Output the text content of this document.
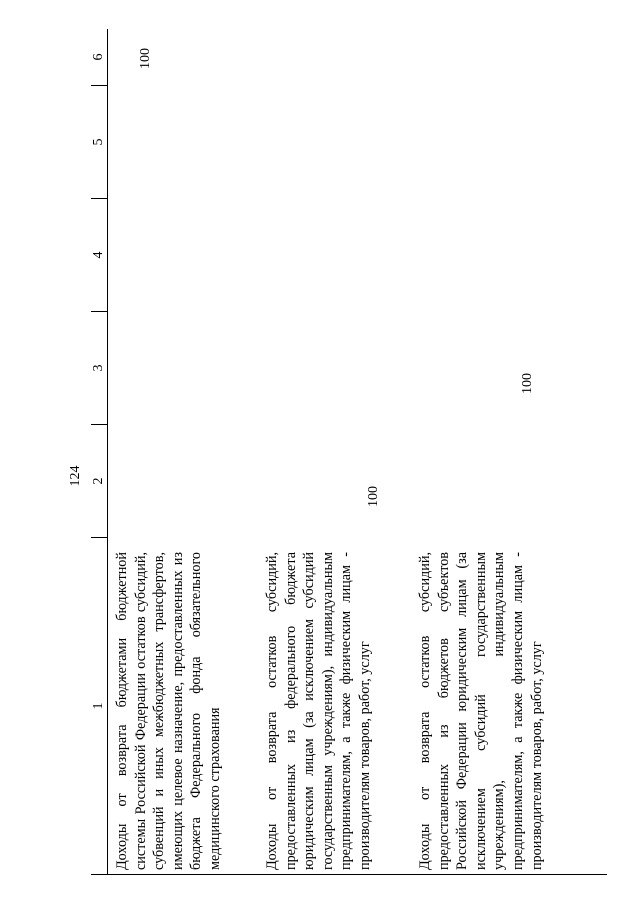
124
1
2
3
4
5
6
Доходы от возврата бюджетами бюджетной системы Российской Федерации остатков субсидий, субвенций и иных межбюджетных трансфертов, имеющих целевое назначение, предоставленных из бюджета Федерального фонда обязательного медицинского страхования
100
Доходы от возврата остатков субсидий, предоставленных из федерального бюджета юридическим лицам (за исключением субсидий государственным учреждениям), индивидуальным предпринимателям, а также физическим лицам - производителям товаров, работ, услуг
100
Доходы от возврата остатков субсидий, предоставленных из бюджетов субъектов Российской Федерации юридическим лицам (за исключением субсидий государственным учреждениям), индивидуальным предпринимателям, а также физическим лицам - производителям товаров, работ, услуг
100
